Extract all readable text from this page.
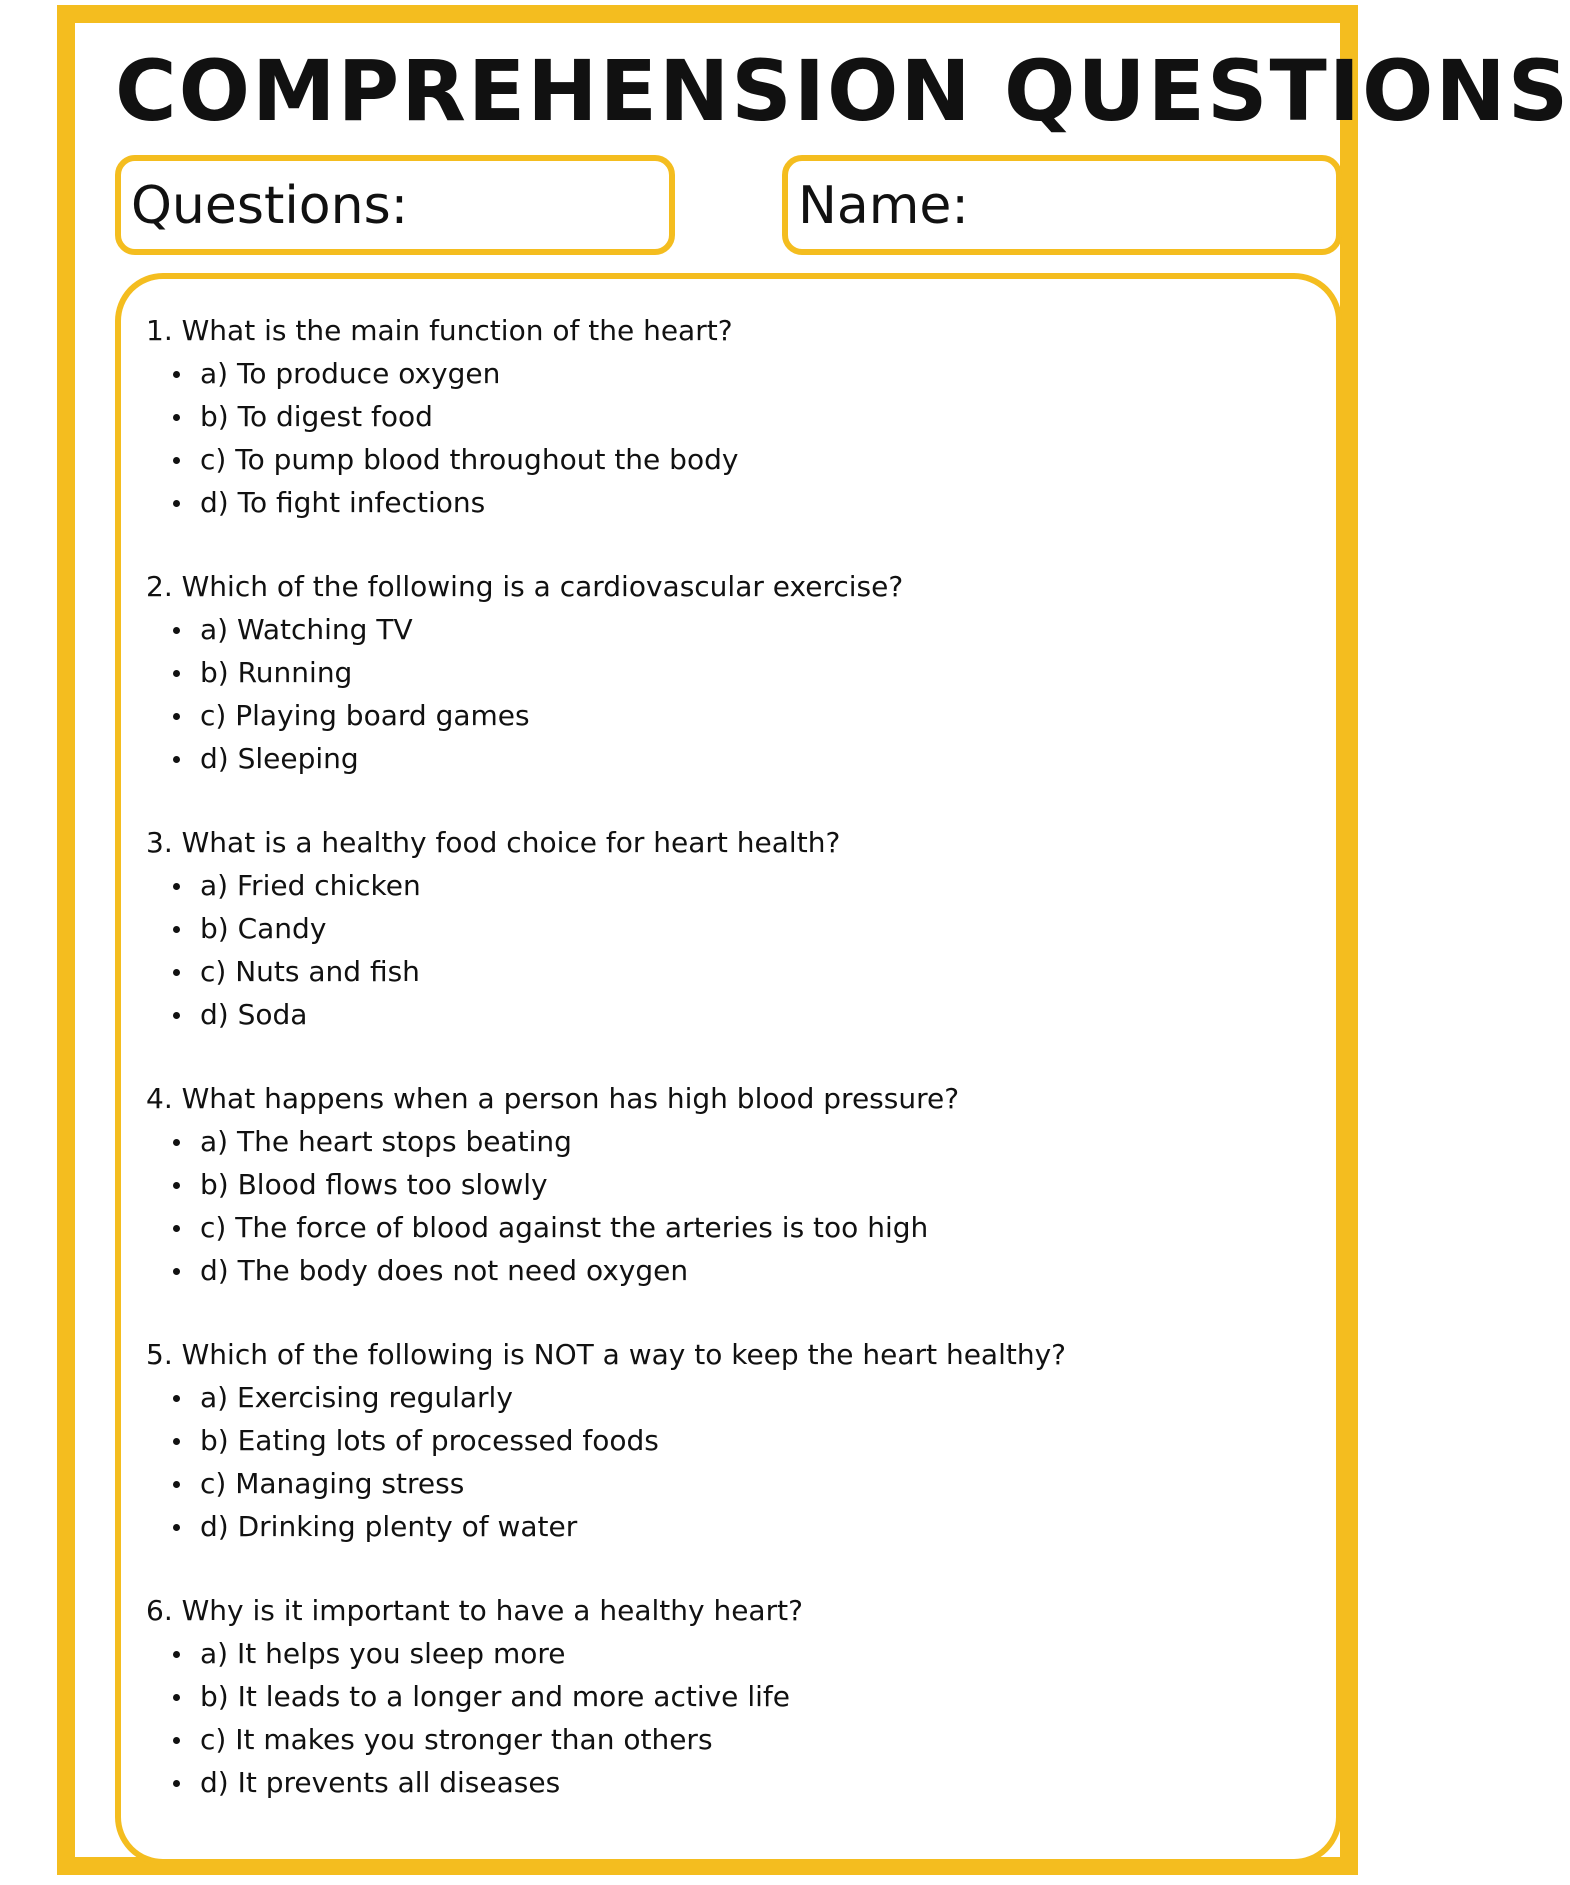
COMPREHENSION QUESTIONS
Questions:	Name:
1. What is the main function of the heart?
a) To produce oxygen
b) To digest food
c) To pump blood throughout the body
d) To fight infections
2. Which of the following is a cardiovascular exercise?
a) Watching TV
b) Running
c) Playing board games
d) Sleeping
3. What is a healthy food choice for heart health?
a) Fried chicken
b) Candy
c) Nuts and fish
d) Soda
4. What happens when a person has high blood pressure?
a) The heart stops beating
b) Blood flows too slowly
c) The force of blood against the arteries is too high
d) The body does not need oxygen
5. Which of the following is NOT a way to keep the heart healthy?
a) Exercising regularly
b) Eating lots of processed foods
c) Managing stress
d) Drinking plenty of water
6. Why is it important to have a healthy heart?
a) It helps you sleep more
b) It leads to a longer and more active life
c) It makes you stronger than others
d) It prevents all diseases
